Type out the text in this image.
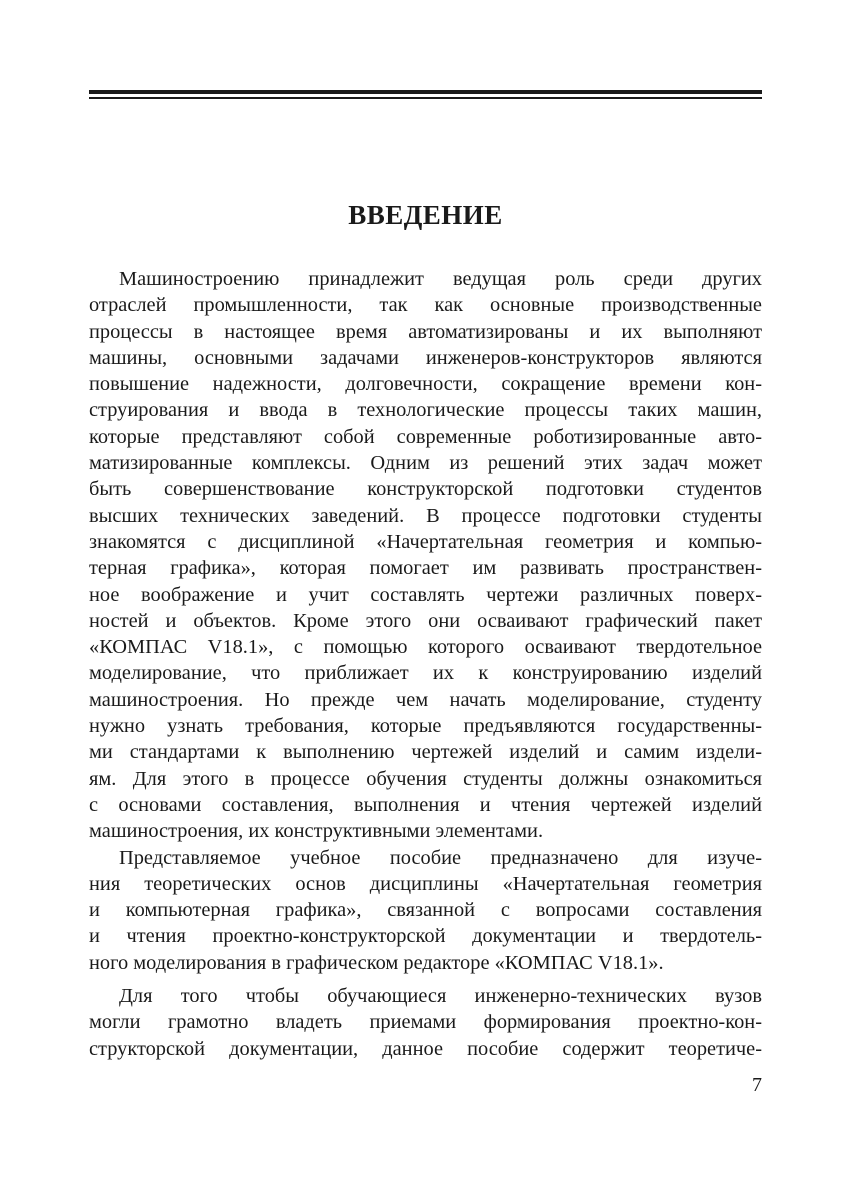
ВВЕДЕНИЕ

Машиностроению принадлежит ведущая роль среди других
отраслей промышленности, так как основные производственные
процессы в настоящее время автоматизированы и их выполняют
машины, основными задачами инженеров-конструкторов являются
повышение надежности, долговечности, сокращение времени кон-
струирования и ввода в технологические процессы таких машин,
которые представляют собой современные роботизированные авто-
матизированные комплексы. Одним из решений этих задач может
быть совершенствование конструкторской подготовки студентов
высших технических заведений. В процессе подготовки студенты
знакомятся с дисциплиной «Начертательная геометрия и компью-
терная графика», которая помогает им развивать пространствен-
ное воображение и учит составлять чертежи различных поверх-
ностей и объектов. Кроме этого они осваивают графический пакет
«КОМПАС V18.1», с помощью которого осваивают твердотельное
моделирование, что приближает их к конструированию изделий
машиностроения. Но прежде чем начать моделирование, студенту
нужно узнать требования, которые предъявляются государственны-
ми стандартами к выполнению чертежей изделий и самим издели-
ям. Для этого в процессе обучения студенты должны ознакомиться
с основами составления, выполнения и чтения чертежей изделий
машиностроения, их конструктивными элементами.

Представляемое учебное пособие предназначено для изуче-
ния теоретических основ дисциплины «Начертательная геометрия
и компьютерная графика», связанной с вопросами составления
и чтения проектно-конструкторской документации и твердотель-
ного моделирования в графическом редакторе «КОМПАС V18.1».

Для того чтобы обучающиеся инженерно-технических вузов
могли грамотно владеть приемами формирования проектно-кон-
структорской документации, данное пособие содержит теоретиче-

7
